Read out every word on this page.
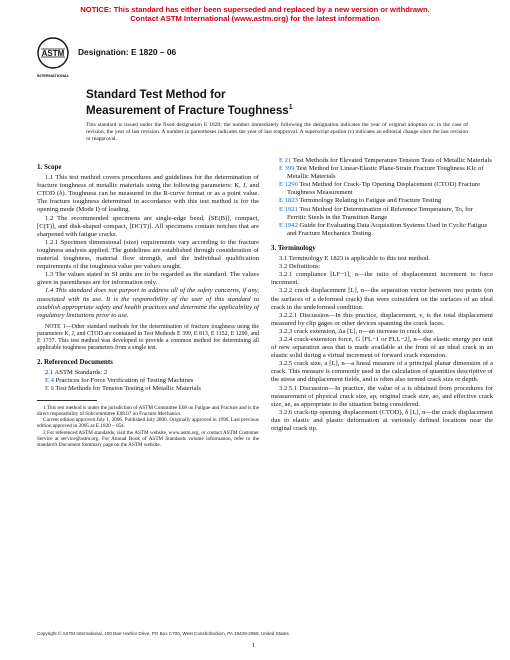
NOTICE: This standard has either been superseded and replaced by a new version or withdrawn.
Contact ASTM International (www.astm.org) for the latest information
ASTM
INTERNATIONAL
Designation: E 1820 – 06
Standard Test Method for
Measurement of Fracture Toughness$^1$
This standard is issued under the fixed designation E 1820; the number immediately following the designation indicates the year of original adoption or, in the case of revision, the year of last revision. A number in parentheses indicates the year of last reapproval. A superscript epsilon (ε) indicates an editorial change since the last revision or reapproval.
1. Scope

1.1 This test method covers procedures and guidelines for the determination of fracture toughness of metallic materials using the following parameters: K, J, and CTOD (δ). Toughness can be measured in the R-curve format or as a point value. The fracture toughness determined in accordance with this test method is for the opening mode (Mode I) of loading.

1.2 The recommended specimens are single-edge bend, [SE(B)], compact, [C(T)], and disk-shaped compact, [DC(T)]. All specimens contain notches that are sharpened with fatigue cracks.

1.2.1 Specimen dimensional (size) requirements vary according to the fracture toughness analysis applied. The guidelines are established through consideration of material toughness, material flow strength, and the individual qualification requirements of the toughness value per values sought.

1.3 The values stated in SI units are to be regarded as the standard. The values given in parentheses are for information only.

1.4 This standard does not purport to address all of the safety concerns, if any, associated with its use. It is the responsibility of the user of this standard to establish appropriate safety and health practices and determine the applicability of regulatory limitations prior to use.

NOTE 1—Other standard methods for the determination of fracture toughness using the parameters K, J, and CTOD are contained in Test Methods E 399, E 813, E 1152, E 1290, and E 1737. This test method was developed to provide a common method for determining all applicable toughness parameters from a single test.

2. Referenced Documents

2.1 ASTM Standards: 2

E 4 Practices for Force Verification of Testing Machines

E 8 Test Methods for Tension Testing of Metallic Materials

1 This test method is under the jurisdiction of ASTM Committee E08 on Fatigue and Fracture and is the direct responsibility of Subcommittee E08.07 on Fracture Mechanics.

Current edition approved July 1, 2006. Published July 2006. Originally approved in 1996. Last previous edition approved in 2005 as E 1820 – 05a.

2 For referenced ASTM standards, visit the ASTM website, www.astm.org, or contact ASTM Customer Service at service@astm.org. For Annual Book of ASTM Standards volume information, refer to the standard's Document Summary page on the ASTM website.

E 21 Test Methods for Elevated Temperature Tension Tests of Metallic Materials

E 399 Test Method for Linear-Elastic Plane-Strain Fracture Toughness KIc of Metallic Materials

E 1290 Test Method for Crack-Tip Opening Displacement (CTOD) Fracture Toughness Measurement

E 1823 Terminology Relating to Fatigue and Fracture Testing

E 1921 Test Method for Determination of Reference Temperature, To, for Ferritic Steels in the Transition Range

E 1942 Guide for Evaluating Data Acquisition Systems Used in Cyclic Fatigue and Fracture Mechanics Testing

3. Terminology

3.1 Terminology E 1823 is applicable to this test method.

3.2 Definitions:

3.2.1 compliance [LF−1], n—the ratio of displacement increment to force increment.

3.2.2 crack displacement [L], n—the separation vector between two points (on the surfaces of a deformed crack) that were coincident on the surfaces of an ideal crack in the undeformed condition.

3.2.2.1 Discussion—In this practice, displacement, v, is the total displacement measured by clip gages or other devices spanning the crack faces.

3.2.3 crack extension, Δa [L], n—an increase in crack size.

3.2.4 crack-extension force, G [FL−1 or FLL−2], n—the elastic energy per unit of new separation area that is made available at the front of an ideal crack in an elastic solid during a virtual increment of forward crack extension.

3.2.5 crack size, a [L], n—a lineal measure of a principal planar dimension of a crack. This measure is commonly used in the calculation of quantities descriptive of the stress and displacement fields, and is often also termed crack size or depth.

3.2.5.1 Discussion—In practice, the value of a is obtained from procedures for measurement of physical crack size, ap, original crack size, ao, and effective crack size, ae, as appropriate to the situation being considered.

3.2.6 crack-tip opening displacement (CTOD), δ [L], n—the crack displacement due to elastic and plastic deformation at variously defined locations near the original crack tip.

Copyright © ASTM International, 100 Barr Harbor Drive, PO Box C700, West Conshohocken, PA 19428-2959, United States.
1
